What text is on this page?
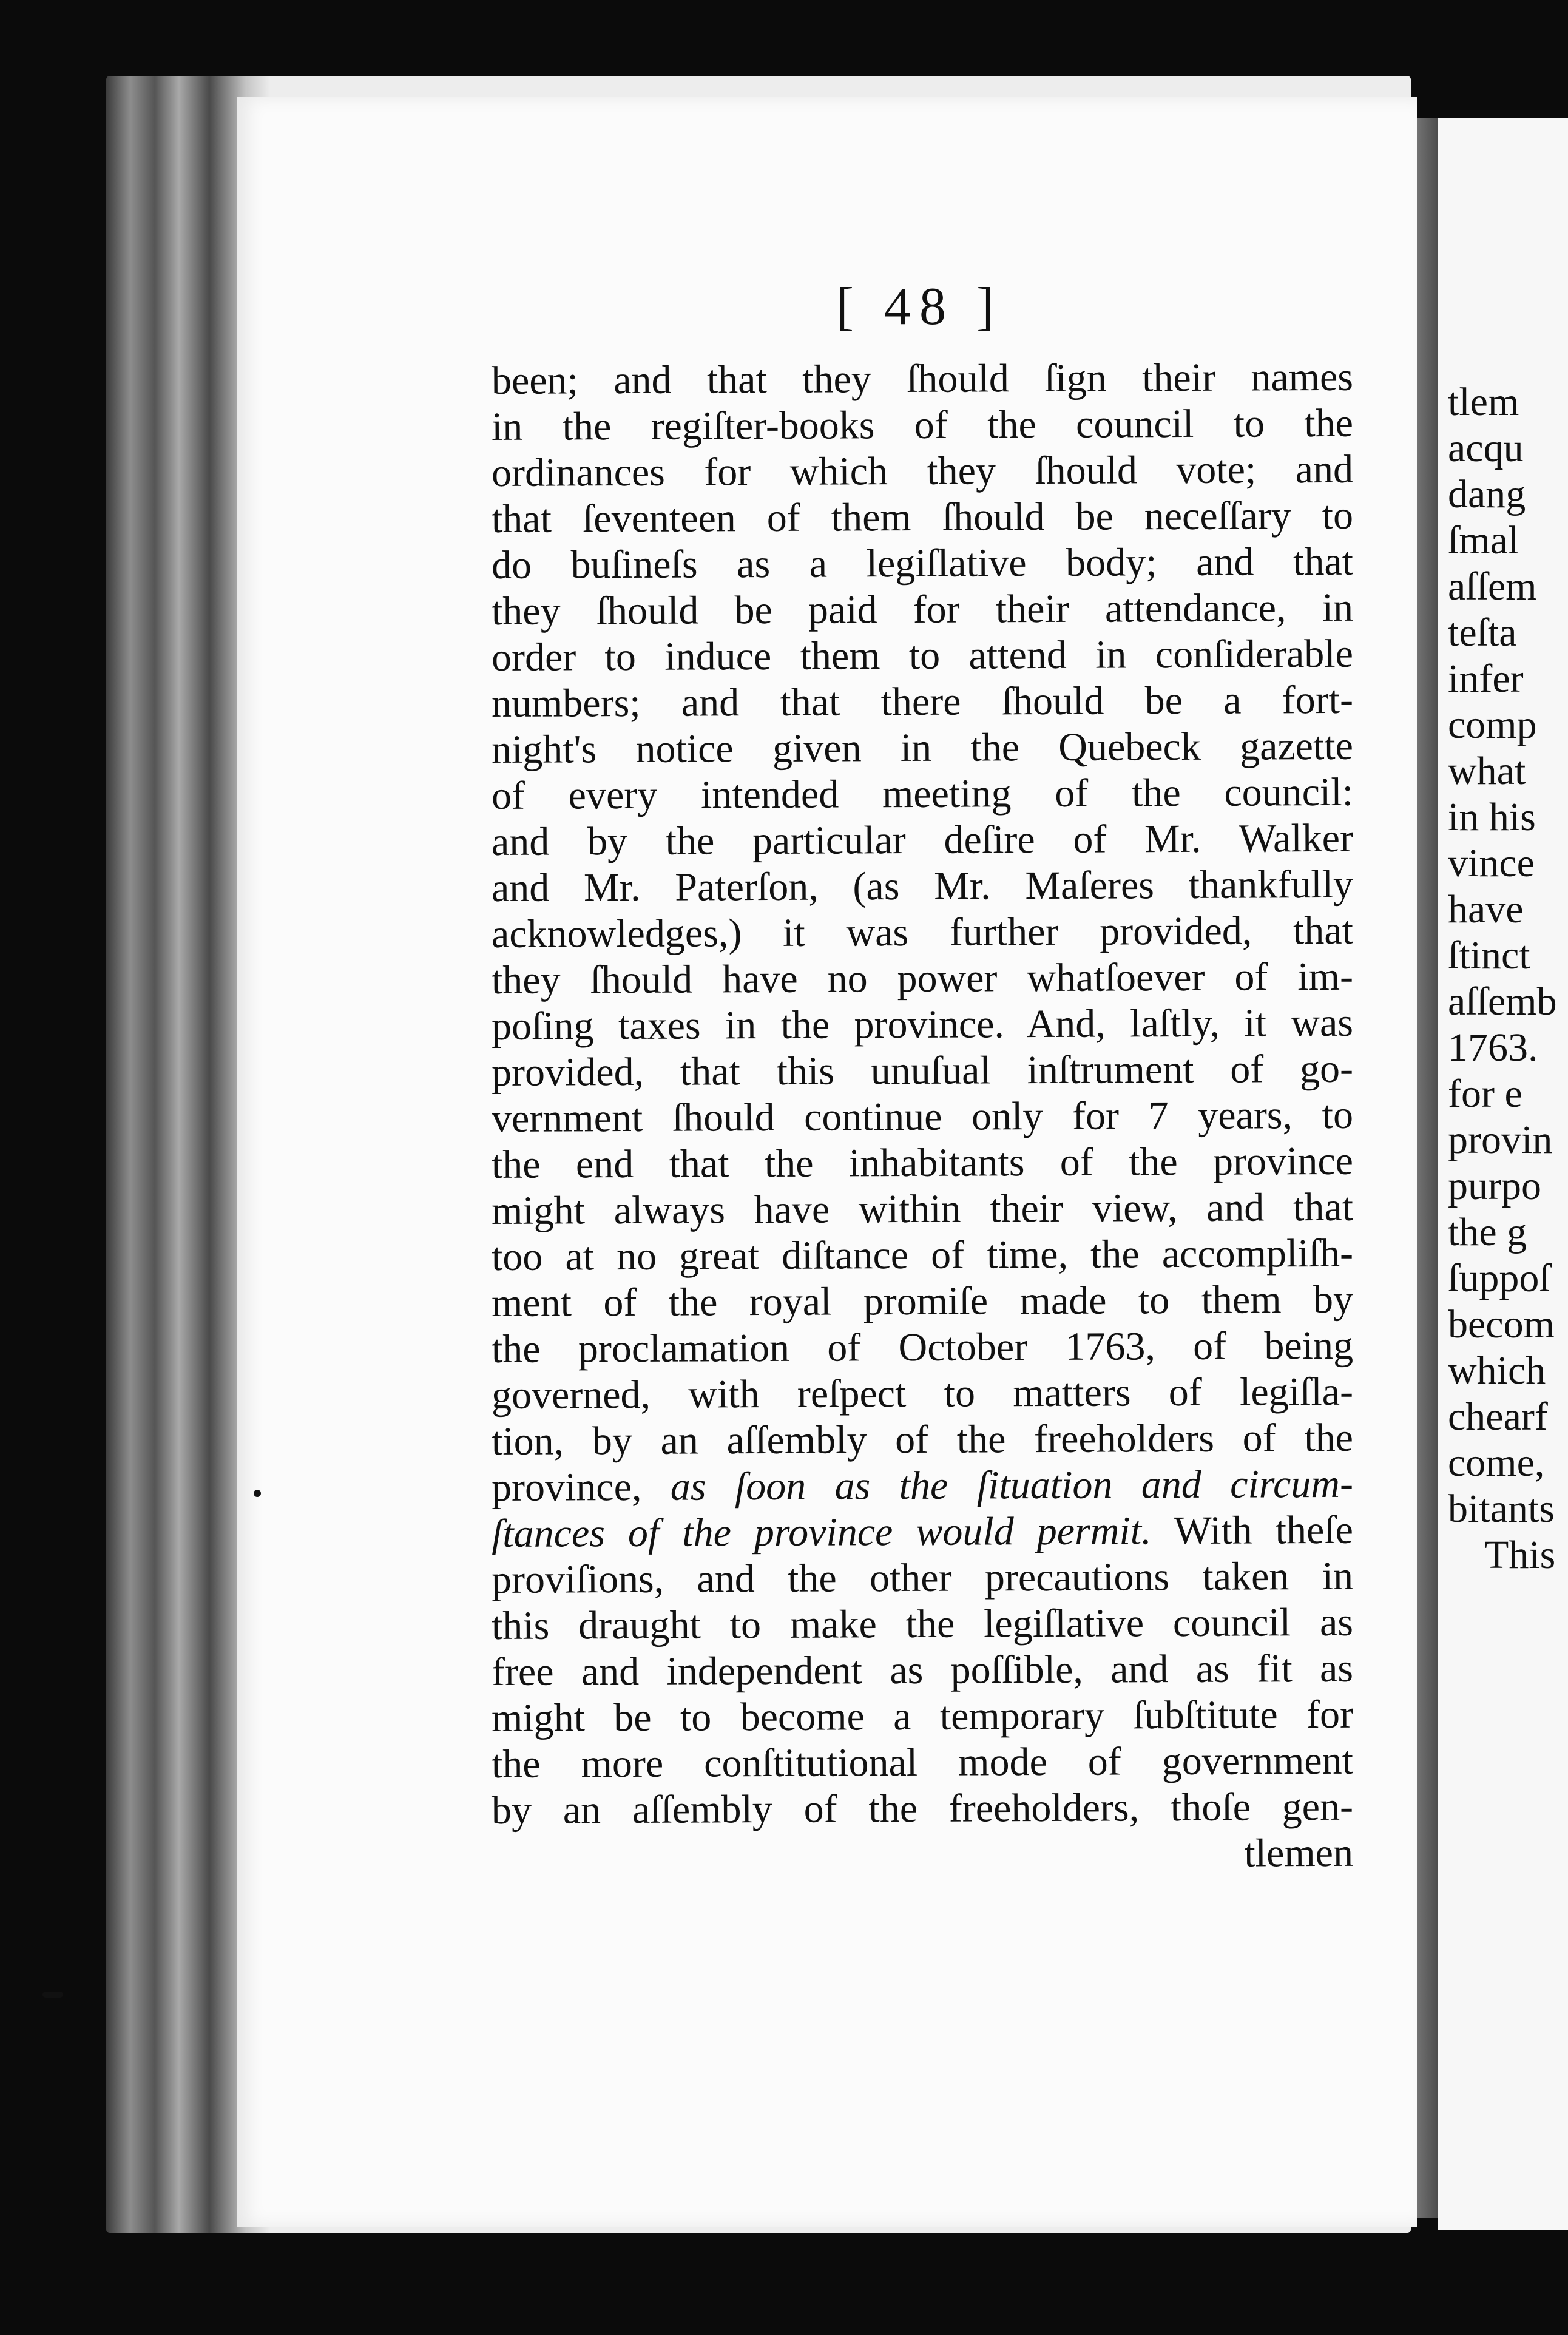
tlem
acqu
dang
ſmal
aſſem
teſta
infer
comp
what
in his
vince
have
ſtinct
aſſemb
1763.
for e
provin
purpo
the g
ſuppoſ
becom
which
chearf
come,
bitants
This
[ 48 ]
been; and that they ſhould ſign their names
in the regiſter-books of the council to the
ordinances for which they ſhould vote; and
that ſeventeen of them ſhould be neceſſary to
do buſineſs as a legiſlative body; and that
they ſhould be paid for their attendance, in
order to induce them to attend in conſiderable
numbers; and that there ſhould be a fort-
night's notice given in the Quebeck gazette
of every intended meeting of the council:
and by the particular deſire of Mr. Walker
and Mr. Paterſon, (as Mr. Maſeres thankfully
acknowledges,) it was further provided, that
they ſhould have no power whatſoever of im-
poſing taxes in the province. And, laſtly, it was
provided, that this unuſual inſtrument of go-
vernment ſhould continue only for 7 years, to
the end that the inhabitants of the province
might always have within their view, and that
too at no great diſtance of time, the accompliſh-
ment of the royal promiſe made to them by
the proclamation of October 1763, of being
governed, with reſpect to matters of legiſla-
tion, by an aſſembly of the freeholders of the
province, as ſoon as the ſituation and circum-
ſtances of the province would permit. With theſe
proviſions, and the other precautions taken in
this draught to make the legiſlative council as
free and independent as poſſible, and as fit as
might be to become a temporary ſubſtitute for
the more conſtitutional mode of government
by an aſſembly of the freeholders, thoſe gen-
tlemen
